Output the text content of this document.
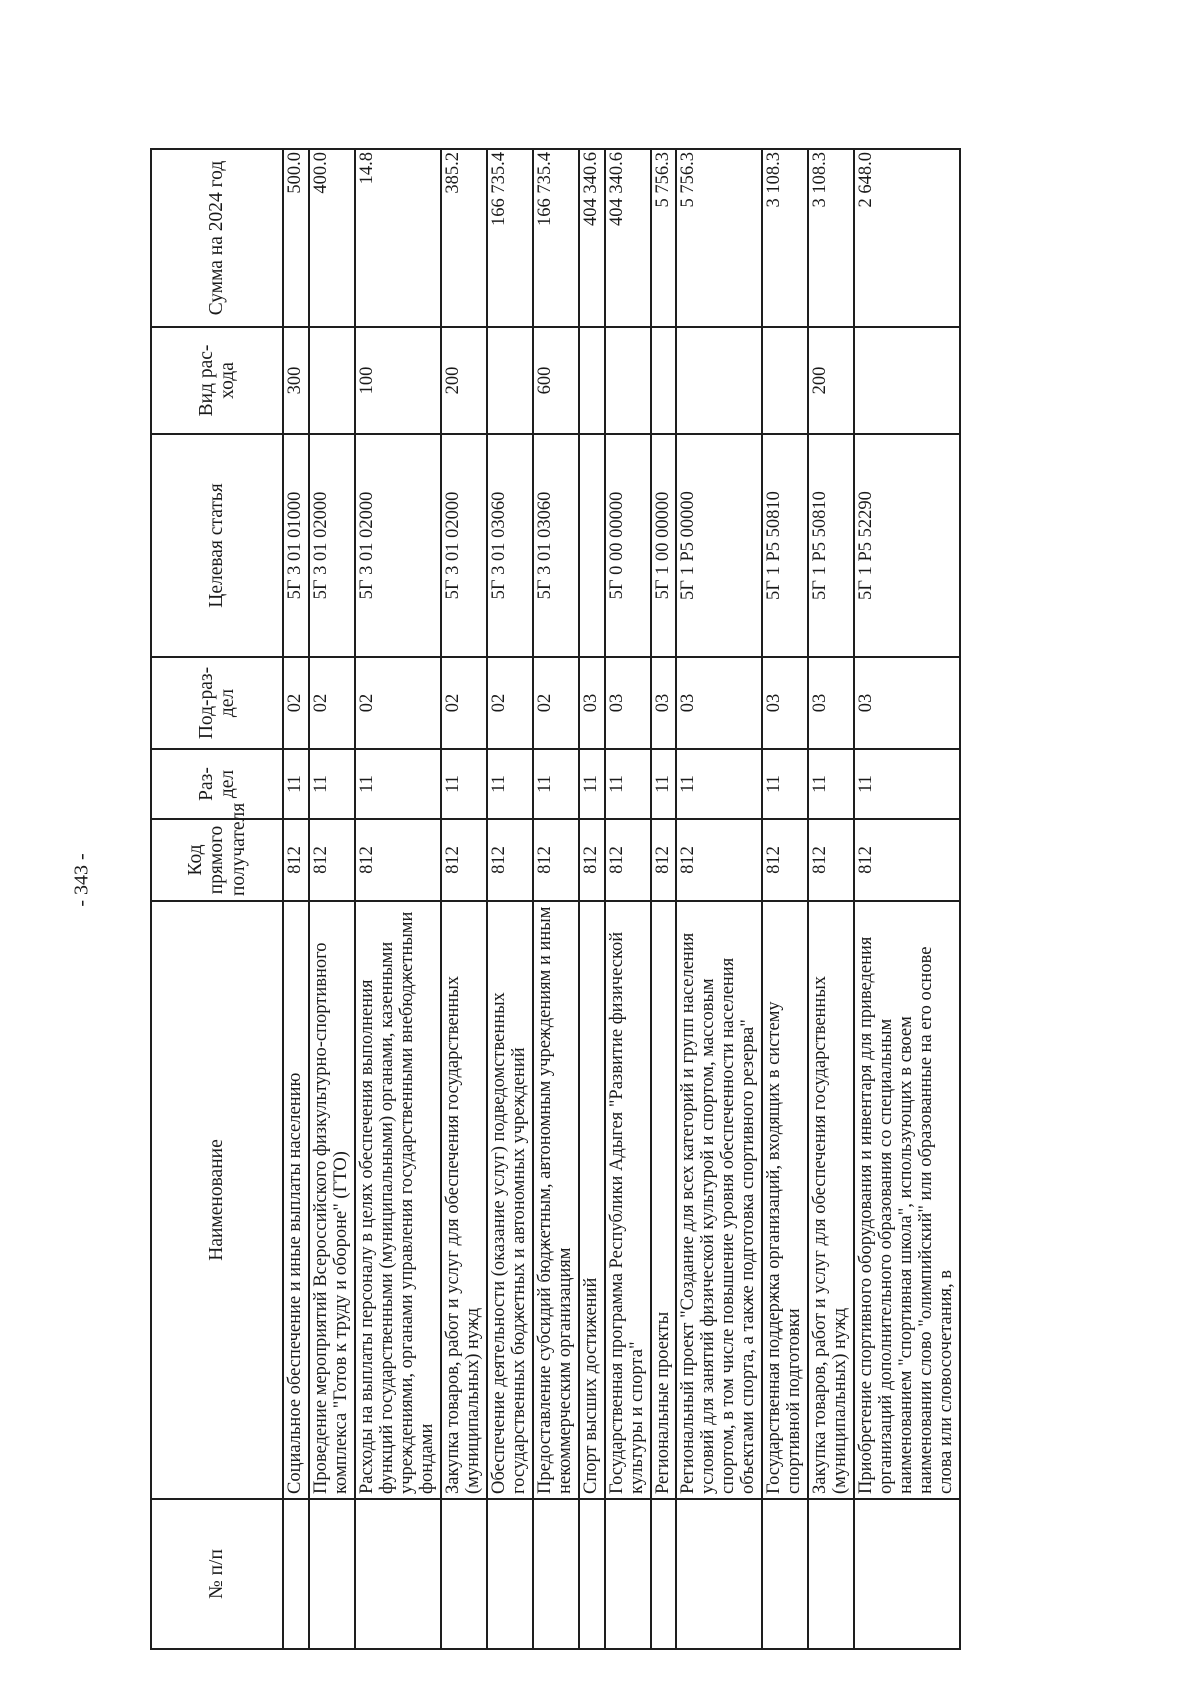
- 343 -
№ п/п	Наименование	Код прямого получателя	Раз-дел	Под-раз-дел	Целевая статья	Вид рас-хода	Сумма на 2024 год
	Социальное обеспечение и иные выплаты населению	812	11	02	5Г 3 01 01000	300	500.0
	Проведение мероприятий Всероссийского физкультурно-спортивного комплекса "Готов к труду и обороне" (ГТО)	812	11	02	5Г 3 01 02000		400.0
	Расходы на выплаты персоналу в целях обеспечения выполнения функций государственными (муниципальными) органами, казенными учреждениями, органами управления государственными внебюджетными фондами	812	11	02	5Г 3 01 02000	100	14.8
	Закупка товаров, работ и услуг для обеспечения государственных (муниципальных) нужд	812	11	02	5Г 3 01 02000	200	385.2
	Обеспечение деятельности (оказание услуг) подведомственных государственных бюджетных и автономных учреждений	812	11	02	5Г 3 01 03060		166 735.4
	Предоставление субсидий бюджетным, автономным учреждениям и иным некоммерческим организациям	812	11	02	5Г 3 01 03060	600	166 735.4
	Спорт высших достижений	812	11	03			404 340.6
	Государственная программа Республики Адыгея "Развитие физической культуры и спорта"	812	11	03	5Г 0 00 00000		404 340.6
	Региональные проекты	812	11	03	5Г 1 00 00000		5 756.3
	Региональный проект "Создание для всех категорий и групп населения условий для занятий физической культурой и спортом, массовым спортом, в том числе повышение уровня обеспеченности населения объектами спорта, а также подготовка спортивного резерва"	812	11	03	5Г 1 Р5 00000		5 756.3
	Государственная поддержка организаций, входящих в систему спортивной подготовки	812	11	03	5Г 1 Р5 50810		3 108.3
	Закупка товаров, работ и услуг для обеспечения государственных (муниципальных) нужд	812	11	03	5Г 1 Р5 50810	200	3 108.3
	Приобретение спортивного оборудования и инвентаря для приведения организаций дополнительного образования со специальным наименованием "спортивная школа", использующих в своем наименовании слово "олимпийский" или образованные на его основе слова или словосочетания, в	812	11	03	5Г 1 Р5 52290		2 648.0
